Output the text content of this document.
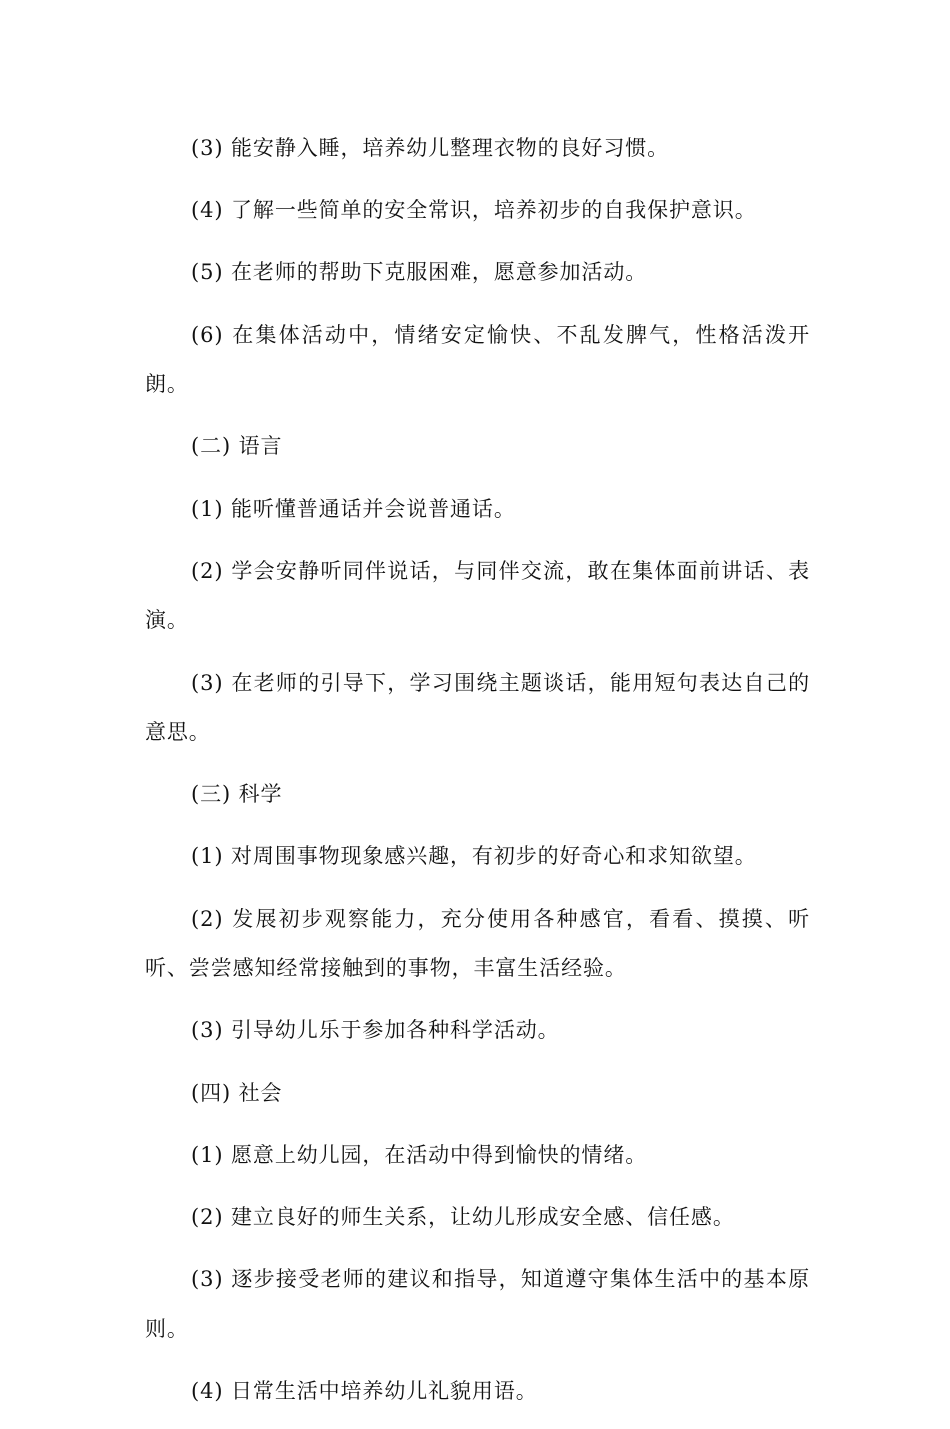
(3) 能安静入睡，培养幼儿整理衣物的良好习惯。

(4) 了解一些简单的安全常识，培养初步的自我保护意识。

(5) 在老师的帮助下克服困难，愿意参加活动。

(6) 在集体活动中，情绪安定愉快、不乱发脾气，性格活泼开朗。

(二) 语言

(1) 能听懂普通话并会说普通话。

(2) 学会安静听同伴说话，与同伴交流，敢在集体面前讲话、表演。

(3) 在老师的引导下，学习围绕主题谈话，能用短句表达自己的意思。

(三) 科学

(1) 对周围事物现象感兴趣，有初步的好奇心和求知欲望。

(2) 发展初步观察能力，充分使用各种感官，看看、摸摸、听听、尝尝感知经常接触到的事物，丰富生活经验。

(3) 引导幼儿乐于参加各种科学活动。

(四) 社会

(1) 愿意上幼儿园，在活动中得到愉快的情绪。

(2) 建立良好的师生关系，让幼儿形成安全感、信任感。

(3) 逐步接受老师的建议和指导，知道遵守集体生活中的基本原则。

(4) 日常生活中培养幼儿礼貌用语。
